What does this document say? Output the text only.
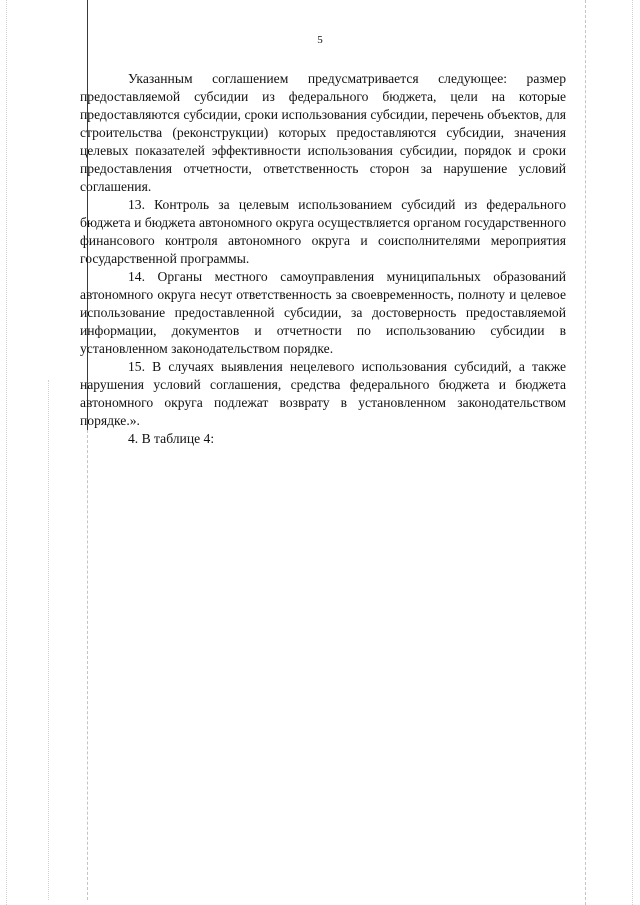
5

Указанным соглашением предусматривается следующее: размер предоставляемой субсидии из федерального бюджета, цели на которые предоставляются субсидии, сроки использования субсидии, перечень объектов, для строительства (реконструкции) которых предоставляются субсидии, значения целевых показателей эффективности использования субсидии, порядок и сроки предоставления отчетности, ответственность сторон за нарушение условий соглашения.

13. Контроль за целевым использованием субсидий из федерального бюджета и бюджета автономного округа осуществляется органом государственного финансового контроля автономного округа и соисполнителями мероприятия государственной программы.

14. Органы местного самоуправления муниципальных образований автономного округа несут ответственность за своевременность, полноту и целевое использование предоставленной субсидии, за достоверность предоставляемой информации, документов и отчетности по использованию субсидии в установленном законодательством порядке.

15. В случаях выявления нецелевого использования субсидий, а также нарушения условий соглашения, средства федерального бюджета и бюджета автономного округа подлежат возврату в установленном законодательством порядке.».

4. В таблице 4:
